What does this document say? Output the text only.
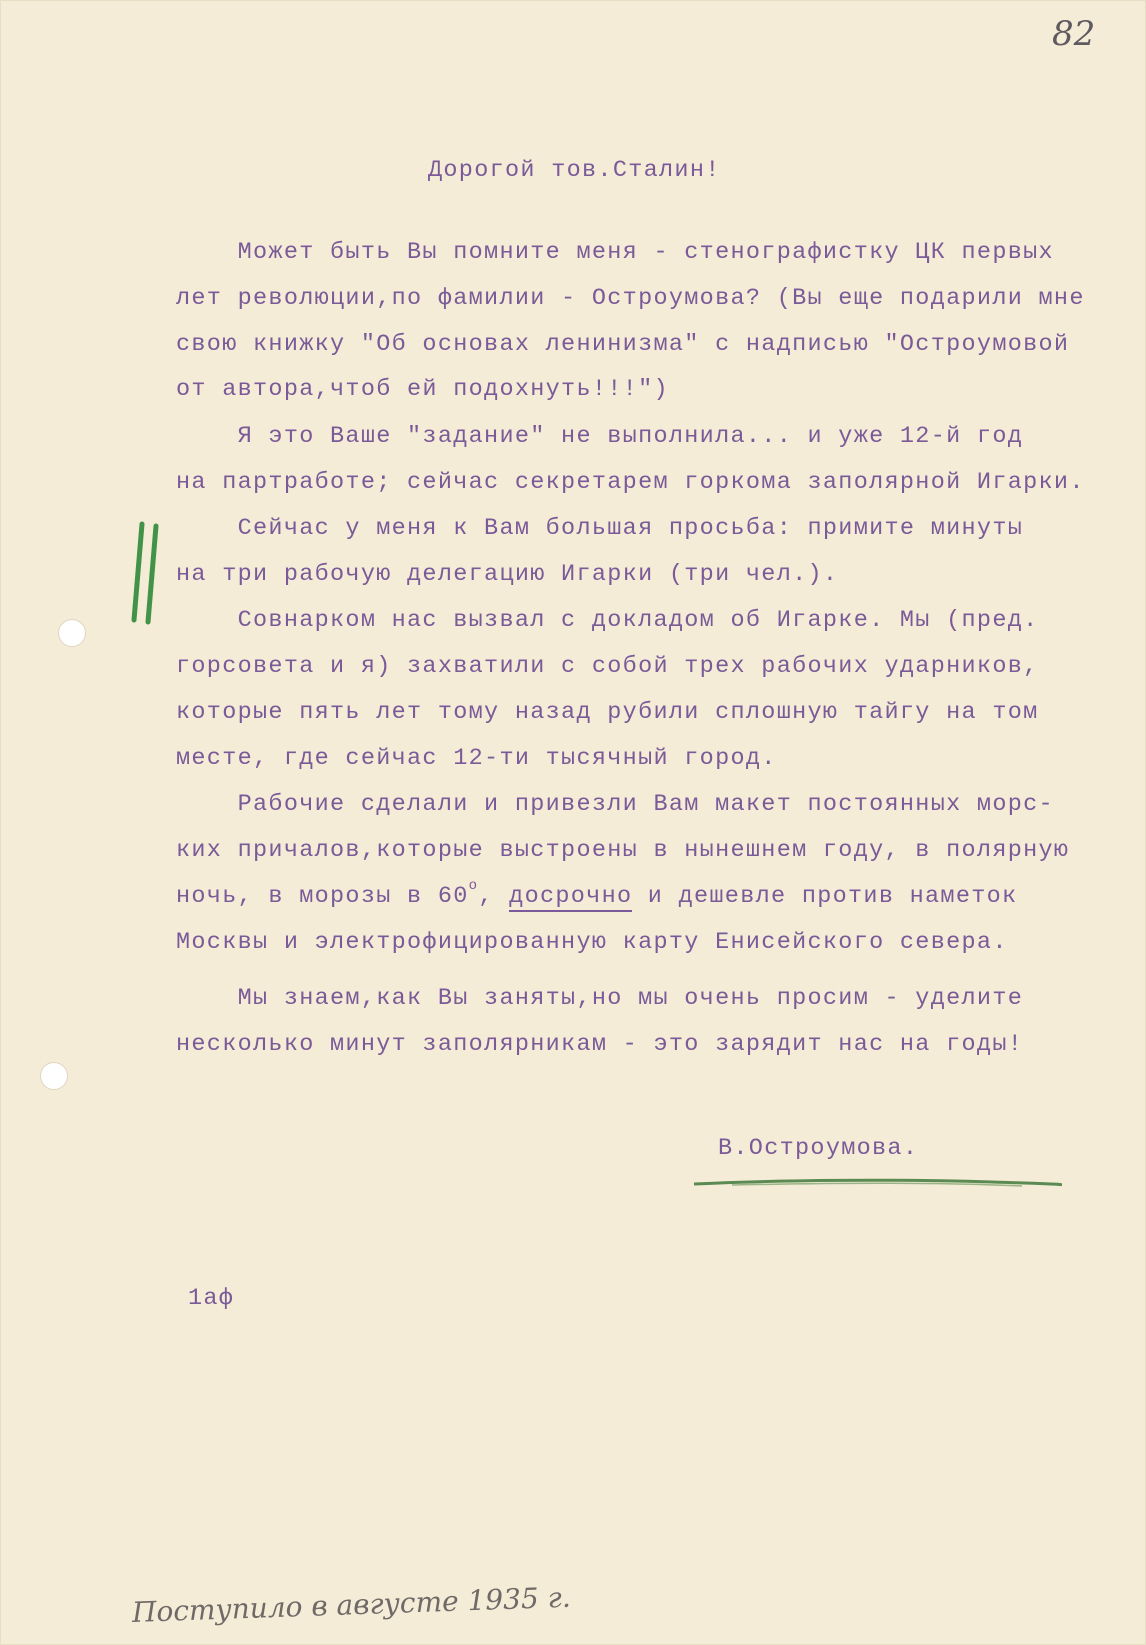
82
Дорогой тов.Сталин!
Может быть Вы помните меня - стенографистку ЦК первых
лет революции,по фамилии - Остроумова? (Вы еще подарили мне
свою книжку "Об основах ленинизма" с надписью "Остроумовой
от автора,чтоб ей подохнуть!!!")
Я это Ваше "задание" не выполнила... и уже 12-й год
на партработе; сейчас секретарем горкома заполярной Игарки.
Сейчас у меня к Вам большая просьба: примите минуты
на три рабочую делегацию Игарки (три чел.).
Совнарком нас вызвал с докладом об Игарке. Мы (пред.
горсовета и я) захватили с собой трех рабочих ударников,
которые пять лет тому назад рубили сплошную тайгу на том
месте, где сейчас 12-ти тысячный город.
Рабочие сделали и привезли Вам макет постоянных морс-
ких причалов,которые выстроены в нынешнем году, в полярную
ночь, в морозы в $60^о$, досрочно и дешевле против наметок
Москвы и электрофицированную карту Енисейского севера.
Мы знаем,как Вы заняты,но мы очень просим - уделите
несколько минут заполярникам - это зарядит нас на годы!
В.Остроумова.
1аф
Поступило в августе 1935 г.
